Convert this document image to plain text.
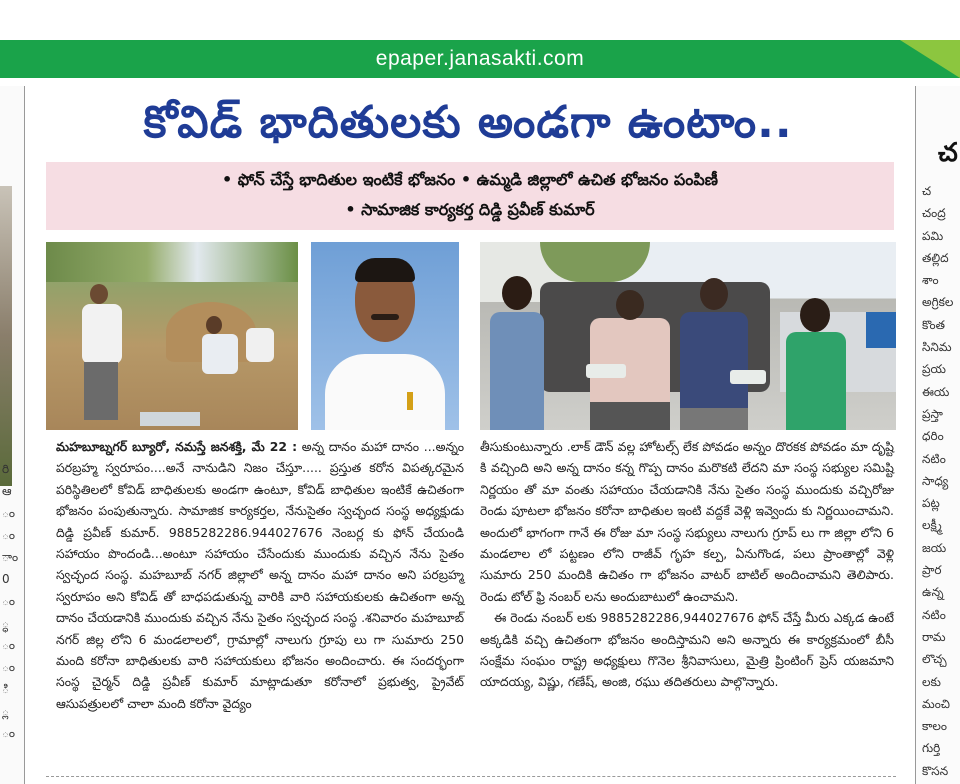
epaper.janasakti.com
రి
ఆ
ం
ం
ాం
0
ం
్ధ
ం
ం
ి
్ల
ం
చ
చ
చంద్ర
పమి
తల్లిద
శాం
అగ్రికల
కొంత
సినిమ
ప్రయ
ఈయ
ప్రస్తా
ధరిం
నటిం
సాధ్య
పట్ల
లక్ష్మీ
జయ
ప్రార
ఉన్న
నటిం
రామ
లొచ్చ
లకు
మంచి
కాలం
గుర్తి
కొసన
కోవిడ్ భాదితులకు అండగా ఉంటాం..
• ఫోన్ చేస్తే భాదితుల ఇంటికే భోజనం • ఉమ్మడి జిల్లాలో ఉచిత భోజనం పంపిణీ
• సామాజిక కార్యకర్త దిడ్డి ప్రవీణ్ కుమార్

మహబూబ్నగర్ బ్యూరో, నమస్తే జనశక్తి, మే 22 : అన్న దానం మహా దానం ...అన్నం పరబ్రహ్మ స్వరూపం....అనే నానుడిని నిజం చేస్తూ..... ప్రస్తుత కరోన విపత్కరమైన పరిస్థితిలలో కోవిడ్ బాధితులకు అండగా ఉంటూ, కోవిడ్ బాధితుల ఇంటికే ఉచితంగా భోజనం పంపుతున్నారు. సామాజిక కార్యకర్తల, నేనుసైతం స్వచ్ఛంద సంస్థ అధ్యక్షుడు దిడ్డి ప్రవీణ్ కుమార్. 9885282286.944027676 నెంబర్ల కు ఫోన్ చేయండి సహాయం పొందండి...అంటూ సహాయం చేసేందుకు ముందుకు వచ్చిన నేను సైతం స్వచ్ఛంద సంస్థ. మహబూబ్ నగర్ జిల్లాలో అన్న దానం మహా దానం అని పరబ్రహ్మ స్వరూపం అని కోవిడ్ తో బాధపడుతున్న వారికి వారి సహాయకులకు ఉచితంగా అన్న దానం చేయడానికి ముందుకు వచ్చిన నేను సైతం స్వచ్ఛంద సంస్థ .శనివారం మహబూబ్ నగర్ జిల్ల లోని 6 మండలాలలో, గ్రామాల్లో నాలుగు గ్రూపు లు గా సుమారు 250 మంది కరోనా బాధితులకు వారి సహాయకులు భోజనం అందించారు. ఈ సందర్భంగా సంస్థ చైర్మన్ దిడ్డి ప్రవీణ్ కుమార్ మాట్లాడుతూ కరోనాలో ప్రభుత్వ, ప్రైవేట్ ఆసుపత్రులలో చాలా మంది కరోనా వైద్యం

తీసుకుంటున్నారు .లాక్ డౌన్ వల్ల హోటల్స్ లేక పోవడం అన్నం దొరకక పోవడం మా దృష్టి కి వచ్చింది అని అన్న దానం కన్న గొప్ప దానం మరొకటి లేదని మా సంస్థ సభ్యుల సమిష్టి నిర్ణయం తో మా వంతు సహాయం చేయడానికి నేను సైతం సంస్థ ముందుకు వచ్చిరోజు రెండు పూటలా భోజనం కరోనా బాధితుల ఇంటి వద్దకే వెళ్లి ఇవ్వెందు కు నిర్ణయించామని. అందులో భాగంగా గానే ఈ రోజు మా సంస్థ సభ్యులు నాలుగు గ్రూప్ లు గా జిల్లా లోని 6 మండలాల లో పట్టణం లోని రాజీవ్ గృహ కల్ప, ఏనుగొండ, పలు ప్రాంతాల్లో వెళ్లి సుమారు 250 మందికి ఉచితం గా భోజనం వాటర్ బాటిల్ అందించామని తెలిపారు. రెండు టోల్ ఫ్రి నంబర్ లను అందుబాటులో ఉంచామని.

ఈ రెండు నంబర్ లకు 9885282286,944027676 ఫోన్ చేస్తే మీరు ఎక్కడ ఉంటే అక్కడికి వచ్చి ఉచితంగా భోజనం అందిస్తామని అని అన్నారు ఈ కార్యక్రమంలో బీసీ సంక్షేమ సంఘం రాష్ట్ర అధ్యక్షులు గొనెల శ్రీనివాసులు, మైత్రి ప్రింటింగ్ ప్రెస్ యజమాని యాదయ్య, విష్ణు, గణేష్, అంజి, రఘు తదితరులు పాల్గొన్నారు.
